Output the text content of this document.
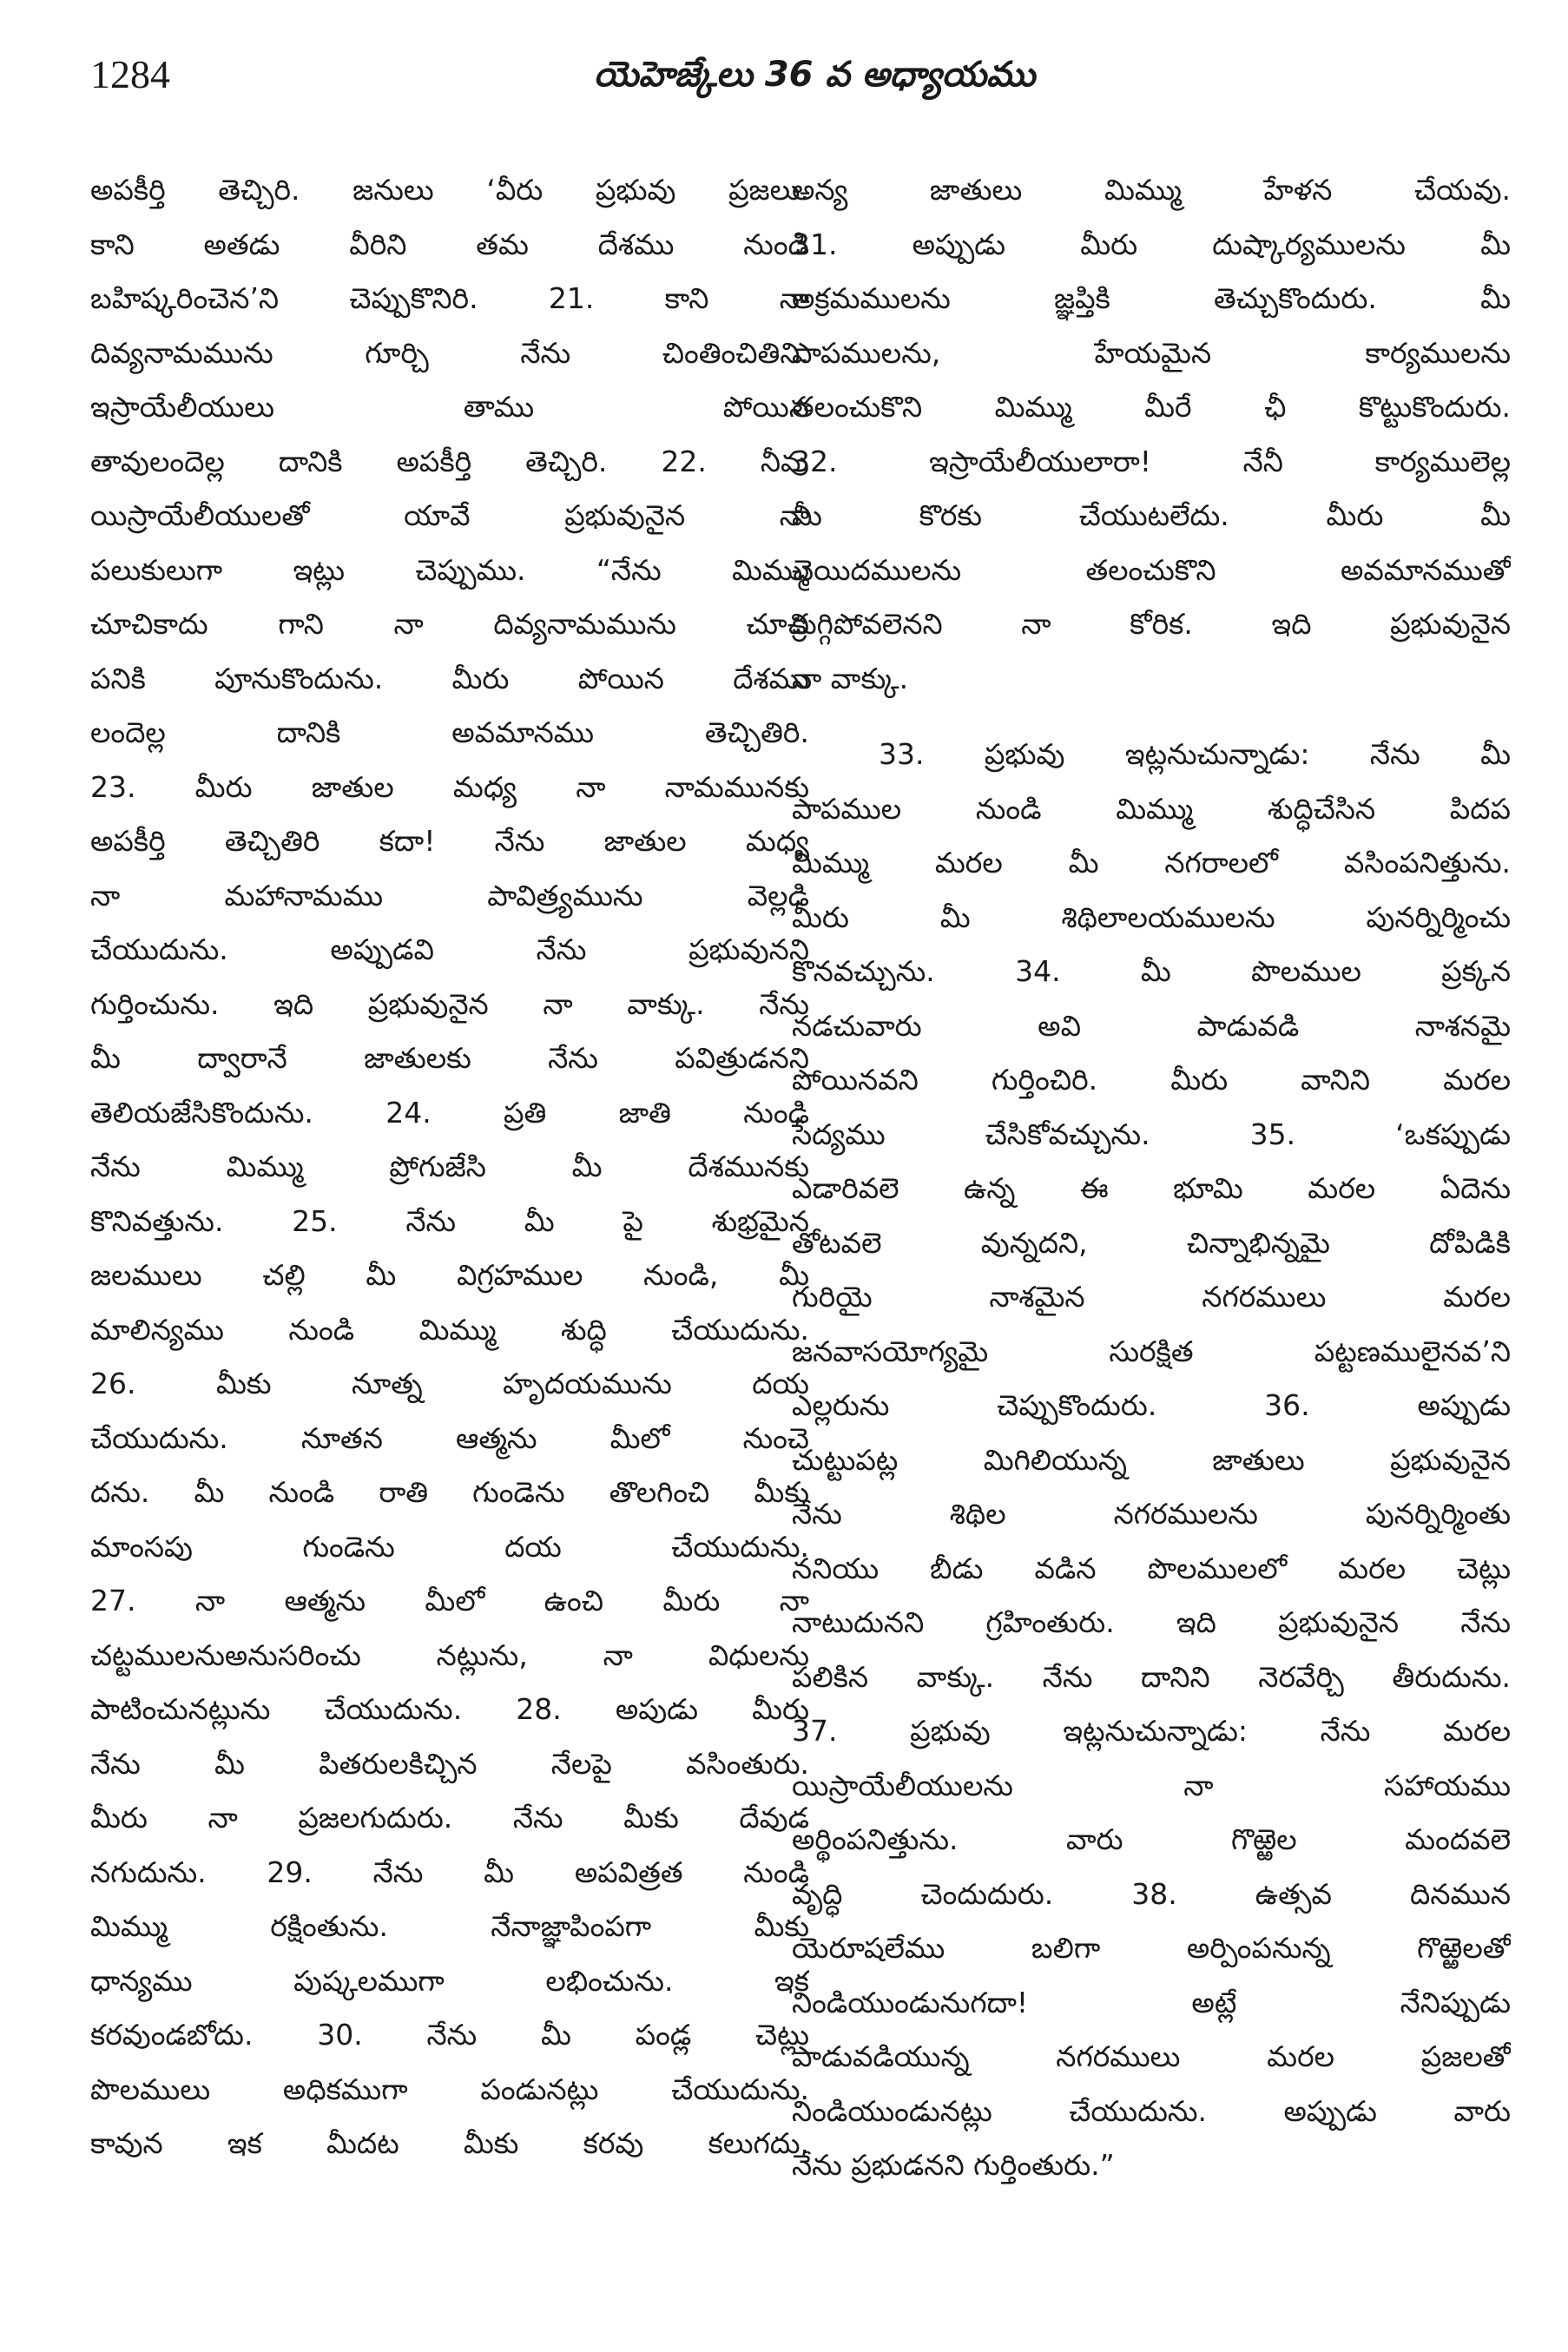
1284	యెహెజ్కేలు 36 వ అధ్యాయము
అపకీర్తి తెచ్చిరి. జనులు ‘వీరు ప్రభువు ప్రజలు.
కాని అతడు వీరిని తమ దేశము నుండి
బహిష్కరించెన’ని చెప్పుకొనిరి. 21. కాని నా
దివ్యనామమును గూర్చి నేను చింతించితిని.
ఇస్రాయేలీయులు తాము పోయిన
తావులందెల్ల దానికి అపకీర్తి తెచ్చిరి. 22. నీవు
యిస్రాయేలీయులతో యావే ప్రభువునైన నా
పలుకులుగా ఇట్లు చెప్పుము. “నేను మిమ్ము
చూచికాదు గాని నా దివ్యనామమును చూచి
పనికి పూనుకొందును. మీరు పోయిన దేశము
లందెల్ల దానికి అవమానము తెచ్చితిరి.
23. మీరు జాతుల మధ్య నా నామమునకు
అపకీర్తి తెచ్చితిరి కదా! నేను జాతుల మధ్య
నా మహానామము పావిత్ర్యమును వెల్లడి
చేయుదును. అప్పుడవి నేను ప్రభువునని
గుర్తించును. ఇది ప్రభువునైన నా వాక్కు. నేను
మీ ద్వారానే జాతులకు నేను పవిత్రుడనని
తెలియజేసికొందును. 24. ప్రతి జాతి నుండి
నేను మిమ్ము ప్రోగుజేసి మీ దేశమునకు
కొనివత్తును. 25. నేను మీ పై శుభ్రమైన
జలములు చల్లి మీ విగ్రహముల నుండి, మీ
మాలిన్యము నుండి మిమ్ము శుద్ధి చేయుదును.
26. మీకు నూత్న హృదయమును దయ
చేయుదును. నూతన ఆత్మను మీలో నుంచె
దను. మీ నుండి రాతి గుండెను తొలగించి మీకు
మాంసపు గుండెను దయ చేయుదును.
27. నా ఆత్మను మీలో ఉంచి మీరు నా
చట్టములనుఅనుసరించు నట్లును, నా విధులను
పాటించునట్లును చేయుదును. 28. అపుడు మీరు
నేను మీ పితరులకిచ్చిన నేలపై వసింతురు.
మీరు నా ప్రజలగుదురు. నేను మీకు దేవుడ
నగుదును. 29. నేను మీ అపవిత్రత నుండి
మిమ్ము రక్షింతును. నేనాజ్ఞాపింపగా మీకు
ధాన్యము పుష్కలముగా లభించును. ఇక
కరవుండబోదు. 30. నేను మీ పండ్ల చెట్లు
పొలములు అధికముగా పండునట్లు చేయుదును.
కావున ఇక మీదట మీకు కరవు కలుగదు.
అన్య జాతులు మిమ్ము హేళన చేయవు.
31. అప్పుడు మీరు దుష్కార్యములను మీ
అక్రమములను జ్ఞప్తికి తెచ్చుకొందురు. మీ
పాపములను, హేయమైన కార్యములను
తలంచుకొని మిమ్ము మీరే ఛీ కొట్టుకొందురు.
32. ఇస్రాయేలీయులారా! నేనీ కార్యములెల్ల
మీ కొరకు చేయుటలేదు. మీరు మీ
చెయిదములను తలంచుకొని అవమానముతో
క్రుగ్గిపోవలెనని నా కోరిక. ఇది ప్రభువునైన
నా వాక్కు.
33. ప్రభువు ఇట్లనుచున్నాడు: నేను మీ
పాపముల నుండి మిమ్ము శుద్ధిచేసిన పిదప
మిమ్ము మరల మీ నగరాలలో వసింపనిత్తును.
మీరు మీ శిథిలాలయములను పునర్నిర్మించు
కొనవచ్చును. 34. మీ పొలముల ప్రక్కన
నడచువారు అవి పాడువడి నాశనమై
పోయినవని గుర్తించిరి. మీరు వానిని మరల
సేద్యము చేసికోవచ్చును. 35. ‘ఒకప్పుడు
ఎడారివలె ఉన్న ఈ భూమి మరల ఏదెను
తోటవలె వున్నదని, చిన్నాభిన్నమై దోపిడికి
గురియై నాశమైన నగరములు మరల
జనవాసయోగ్యమై సురక్షిత పట్టణములైనవ’ని
ఎల్లరును చెప్పుకొందురు. 36. అప్పుడు
చుట్టుపట్ల మిగిలియున్న జాతులు ప్రభువునైన
నేను శిథిల నగరములను పునర్నిర్మింతు
ననియు బీడు వడిన పొలములలో మరల చెట్లు
నాటుదునని గ్రహింతురు. ఇది ప్రభువునైన నేను
పలికిన వాక్కు. నేను దానిని నెరవేర్చి తీరుదును.
37. ప్రభువు ఇట్లనుచున్నాడు: నేను మరల
యిస్రాయేలీయులను నా సహాయము
అర్థింపనిత్తును. వారు గొఱ్ఱెల మందవలె
వృద్ధి చెందుదురు. 38. ఉత్సవ దినమున
యెరూషలేము బలిగా అర్పింపనున్న గొఱ్ఱెలతో
నిండియుండునుగదా! అట్లే నేనిప్పుడు
పాడువడియున్న నగరములు మరల ప్రజలతో
నిండియుండునట్లు చేయుదును. అప్పుడు వారు
నేను ప్రభుడనని గుర్తింతురు.”
